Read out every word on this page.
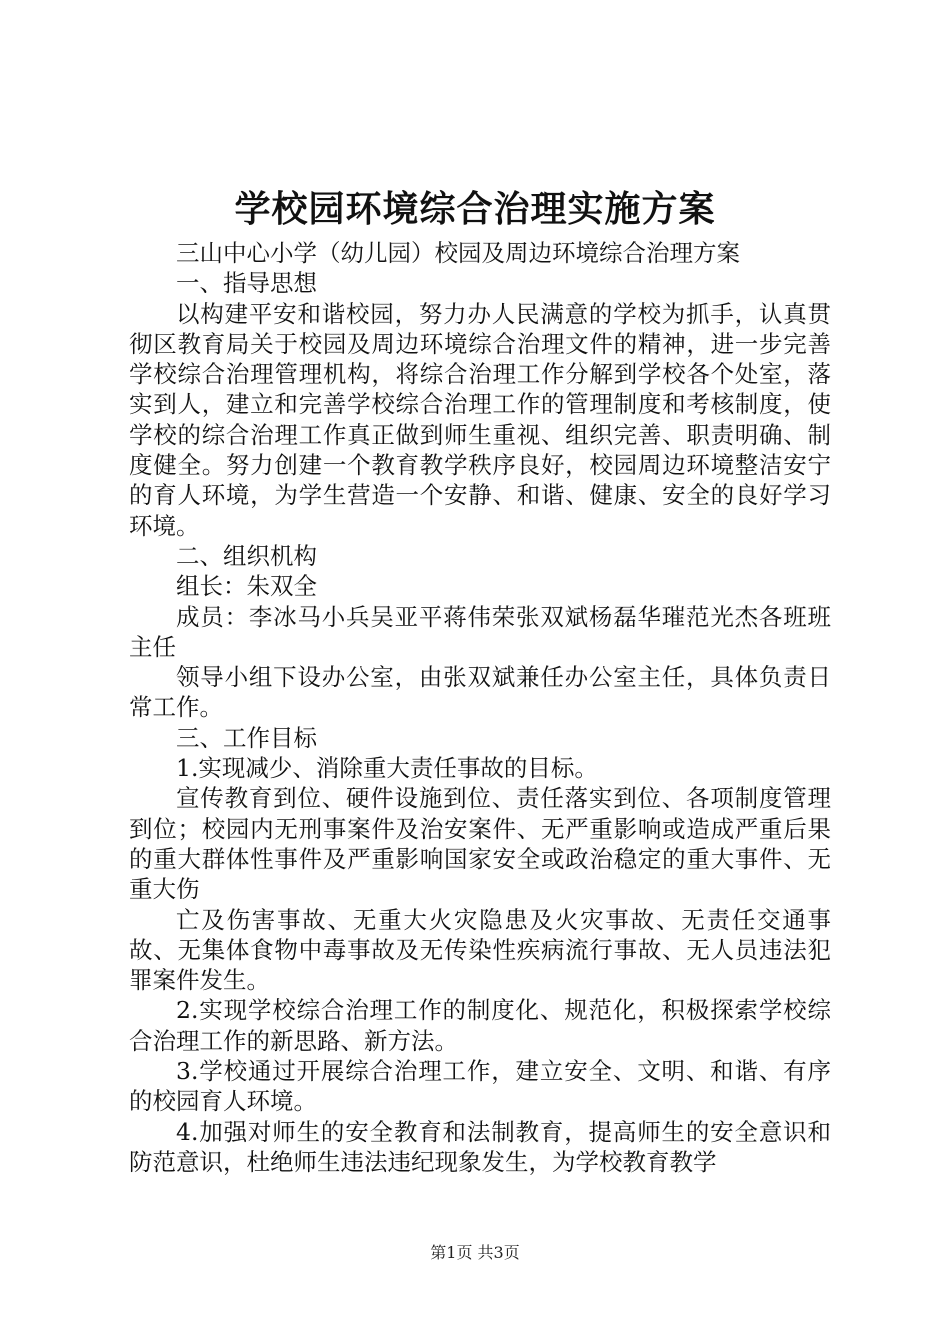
学校园环境综合治理实施方案

三山中心小学（幼儿园）校园及周边环境综合治理方案

一、指导思想

以构建平安和谐校园，努力办人民满意的学校为抓手，认真贯彻区教育局关于校园及周边环境综合治理文件的精神，进一步完善学校综合治理管理机构，将综合治理工作分解到学校各个处室，落实到人，建立和完善学校综合治理工作的管理制度和考核制度，使学校的综合治理工作真正做到师生重视、组织完善、职责明确、制度健全。努力创建一个教育教学秩序良好，校园周边环境整洁安宁的育人环境，为学生营造一个安静、和谐、健康、安全的良好学习环境。

二、组织机构

组长：朱双全

成员：李冰马小兵吴亚平蒋伟荣张双斌杨磊华璀范光杰各班班主任

领导小组下设办公室，由张双斌兼任办公室主任，具体负责日常工作。

三、工作目标

1.实现减少、消除重大责任事故的目标。

宣传教育到位、硬件设施到位、责任落实到位、各项制度管理到位；校园内无刑事案件及治安案件、无严重影响或造成严重后果的重大群体性事件及严重影响国家安全或政治稳定的重大事件、无重大伤

亡及伤害事故、无重大火灾隐患及火灾事故、无责任交通事故、无集体食物中毒事故及无传染性疾病流行事故、无人员违法犯罪案件发生。

2.实现学校综合治理工作的制度化、规范化，积极探索学校综合治理工作的新思路、新方法。

3.学校通过开展综合治理工作，建立安全、文明、和谐、有序的校园育人环境。

4.加强对师生的安全教育和法制教育，提高师生的安全意识和防范意识，杜绝师生违法违纪现象发生，为学校教育教学

第1页 共3页
